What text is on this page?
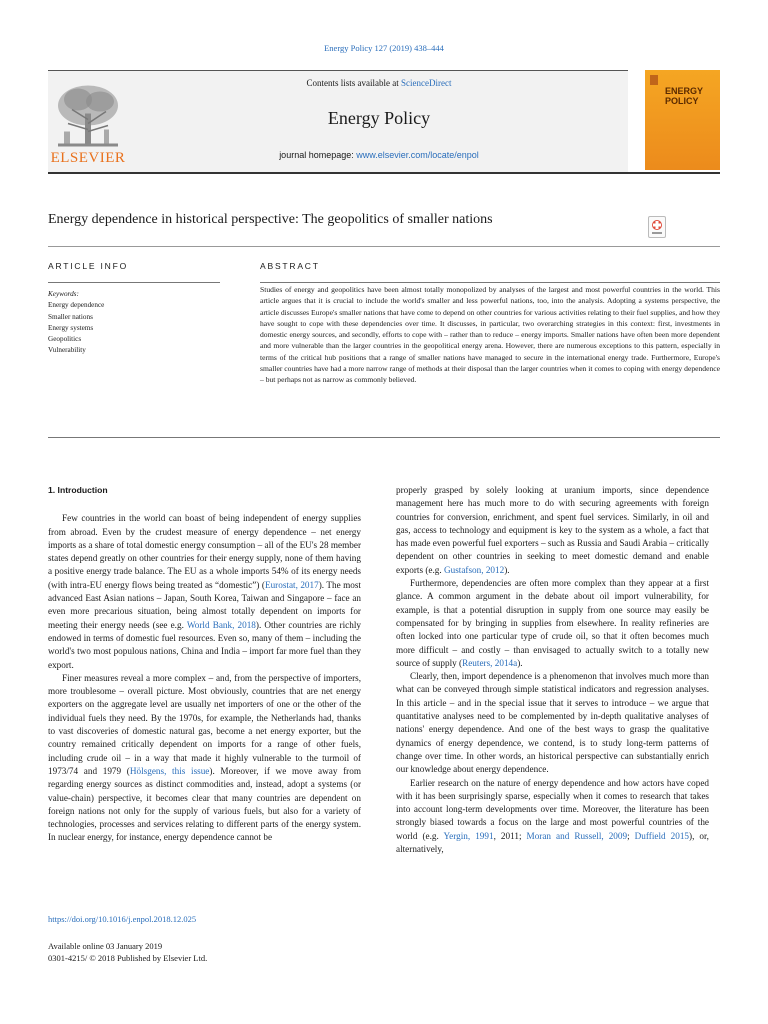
Energy Policy 127 (2019) 438–444
ELSEVIER
Contents lists available at ScienceDirect
Energy Policy
journal homepage: www.elsevier.com/locate/enpol
ENERGY
POLICY
Energy dependence in historical perspective: The geopolitics of smaller nations
ARTICLE INFO	ABSTRACT
Keywords:
Energy dependence
Smaller nations
Energy systems
Geopolitics
Vulnerability
Studies of energy and geopolitics have been almost totally monopolized by analyses of the largest and most powerful countries in the world. This article argues that it is crucial to include the world's smaller and less powerful nations, too, into the analysis. Adopting a systems perspective, the article discusses Europe's smaller nations that have come to depend on other countries for various activities relating to their fuel supplies, and how they have sought to cope with these dependencies over time. It discusses, in particular, two overarching strategies in this context: first, investments in domestic energy sources, and secondly, efforts to cope with – rather than to reduce – energy imports. Smaller nations have often been more dependent and more vulnerable than the larger countries in the geopolitical energy arena. However, there are numerous exceptions to this pattern, especially in terms of the critical hub positions that a range of smaller nations have managed to secure in the international energy trade. Furthermore, Europe's smaller countries have had a more narrow range of methods at their disposal than the larger countries when it comes to coping with energy dependence – but perhaps not as narrow as commonly believed.
1. Introduction

Few countries in the world can boast of being independent of energy supplies from abroad. Even by the crudest measure of energy dependence – net energy imports as a share of total domestic energy consumption – all of the EU's 28 member states depend greatly on other countries for their energy supply, none of them having a positive energy trade balance. The EU as a whole imports 54% of its energy needs (with intra-EU energy flows being treated as “domestic”) (Eurostat, 2017). The most advanced East Asian nations – Japan, South Korea, Taiwan and Singapore – face an even more precarious situation, being almost totally dependent on imports for meeting their energy needs (see e.g. World Bank, 2018). Other countries are richly endowed in terms of domestic fuel resources. Even so, many of them – including the world's two most populous nations, China and India – import far more fuel than they export.

Finer measures reveal a more complex – and, from the perspective of importers, more troublesome – overall picture. Most obviously, countries that are net energy exporters on the aggregate level are usually net importers of one or the other of the individual fuels they need. By the 1970s, for example, the Netherlands had, thanks to vast discoveries of domestic natural gas, become a net energy exporter, but the country remained critically dependent on imports for a range of other fuels, including crude oil – in a way that made it highly vulnerable to the turmoil of 1973/74 and 1979 (Hölsgens, this issue). Moreover, if we move away from regarding energy sources as distinct commodities and, instead, adopt a systems (or value-chain) perspective, it becomes clear that many countries are dependent on foreign nations not only for the supply of various fuels, but also for a variety of technologies, processes and services relating to different parts of the energy system. In nuclear energy, for instance, energy dependence cannot be

properly grasped by solely looking at uranium imports, since dependence management here has much more to do with securing agreements with foreign countries for conversion, enrichment, and spent fuel services. Similarly, in oil and gas, access to technology and equipment is key to the system as a whole, a fact that has made even powerful fuel exporters – such as Russia and Saudi Arabia – critically dependent on other countries in seeking to meet domestic demand and enable exports (e.g. Gustafson, 2012).

Furthermore, dependencies are often more complex than they appear at a first glance. A common argument in the debate about oil import vulnerability, for example, is that a potential disruption in supply from one source may easily be compensated for by bringing in supplies from elsewhere. In reality refineries are often locked into one particular type of crude oil, so that it often becomes much more difficult – and costly – than envisaged to actually switch to a totally new source of supply (Reuters, 2014a).

Clearly, then, import dependence is a phenomenon that involves much more than what can be conveyed through simple statistical indicators and regression analyses. In this article – and in the special issue that it serves to introduce – we argue that quantitative analyses need to be complemented by in-depth qualitative analyses of nations' energy dependence. And one of the best ways to grasp the qualitative dynamics of energy dependence, we contend, is to study long-term patterns of change over time. In other words, an historical perspective can substantially enrich our knowledge about energy dependence.

Earlier research on the nature of energy dependence and how actors have coped with it has been surprisingly sparse, especially when it comes to research that takes into account long-term developments over time. Moreover, the literature has been strongly biased towards a focus on the large and most powerful countries of the world (e.g. Yergin, 1991, 2011; Moran and Russell, 2009; Duffield 2015), or, alternatively,

https://doi.org/10.1016/j.enpol.2018.12.025
Available online 03 January 2019
0301-4215/ © 2018 Published by Elsevier Ltd.
